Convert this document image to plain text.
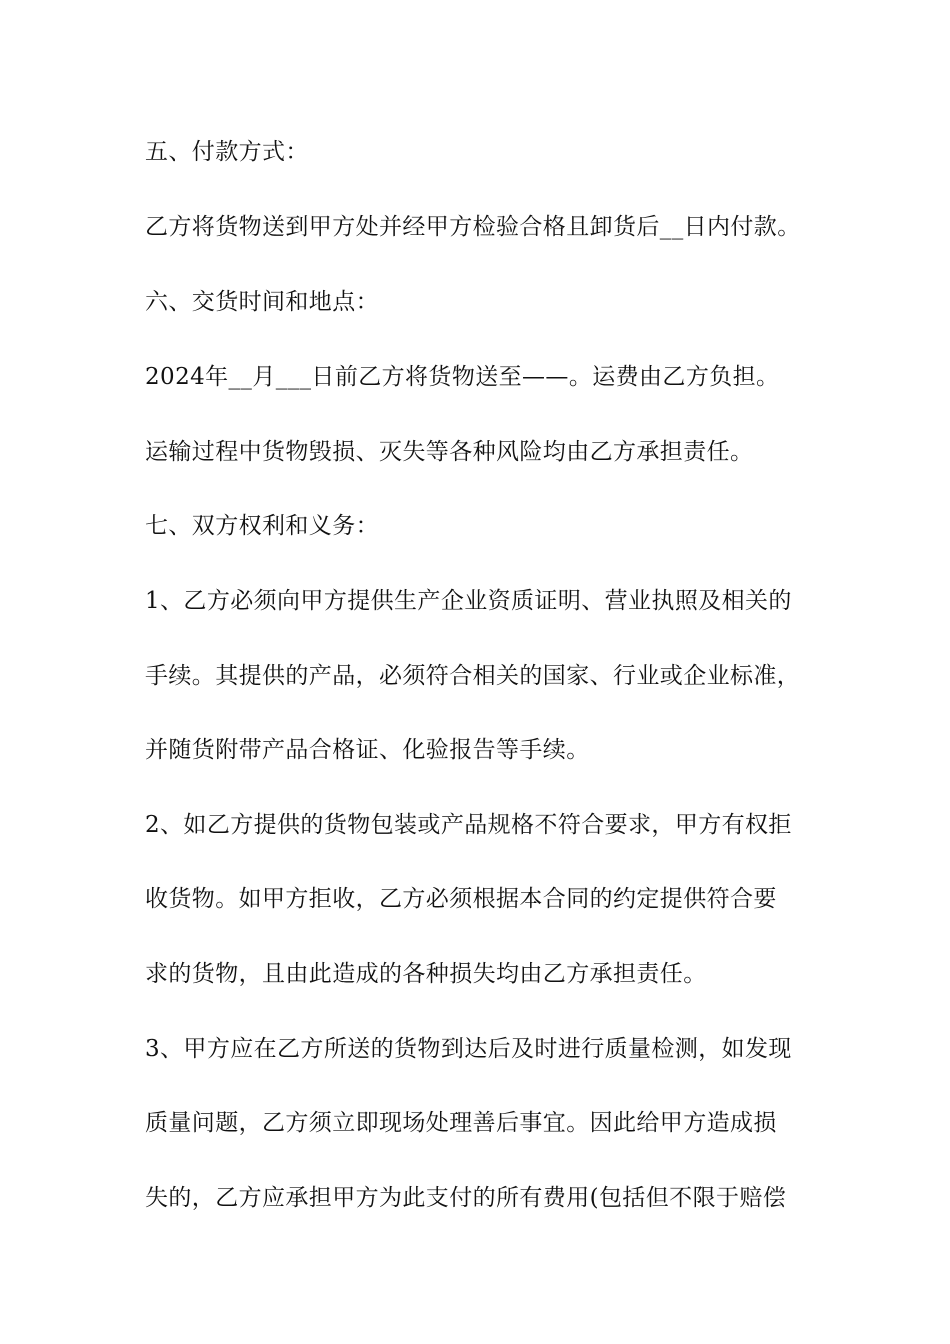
五、付款方式：
乙方将货物送到甲方处并经甲方检验合格且卸货后__日内付款。
六、交货时间和地点：
2024年__月___日前乙方将货物送至——。运费由乙方负担。
运输过程中货物毁损、灭失等各种风险均由乙方承担责任。
七、双方权利和义务：
1、乙方必须向甲方提供生产企业资质证明、营业执照及相关的
手续。其提供的产品，必须符合相关的国家、行业或企业标准，
并随货附带产品合格证、化验报告等手续。
2、如乙方提供的货物包装或产品规格不符合要求，甲方有权拒
收货物。如甲方拒收，乙方必须根据本合同的约定提供符合要
求的货物，且由此造成的各种损失均由乙方承担责任。
3、甲方应在乙方所送的货物到达后及时进行质量检测，如发现
质量问题，乙方须立即现场处理善后事宜。因此给甲方造成损
失的，乙方应承担甲方为此支付的所有费用(包括但不限于赔偿
